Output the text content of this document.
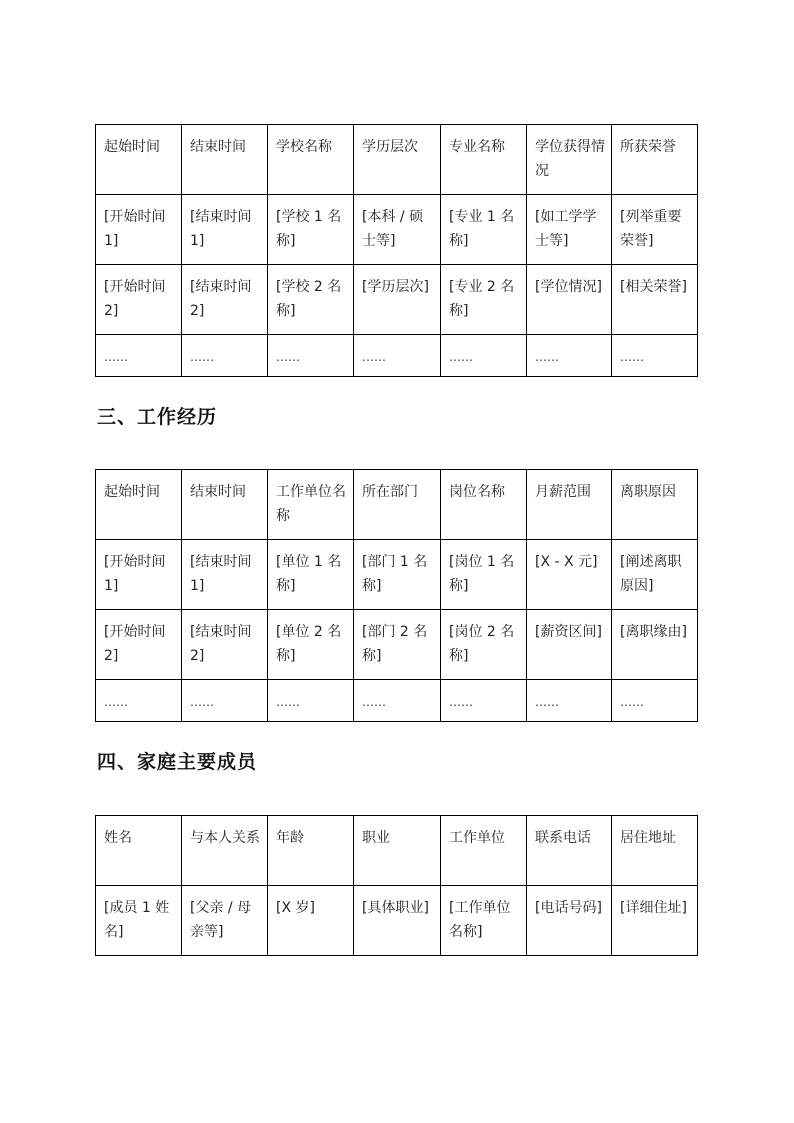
起始时间	结束时间	学校名称	学历层次	专业名称	学位获得情况	所获荣誉
[开始时间 1]	[结束时间 1]	[学校 1 名称]	[本科 / 硕士等]	[专业 1 名称]	[如工学学士等]	[列举重要荣誉]
[开始时间 2]	[结束时间 2]	[学校 2 名称]	[学历层次]	[专业 2 名称]	[学位情况]	[相关荣誉]
……	……	……	……	……	……	……
三、工作经历
起始时间	结束时间	工作单位名称	所在部门	岗位名称	月薪范围	离职原因
[开始时间 1]	[结束时间 1]	[单位 1 名称]	[部门 1 名称]	[岗位 1 名称]	[X - X 元]	[阐述离职原因]
[开始时间 2]	[结束时间 2]	[单位 2 名称]	[部门 2 名称]	[岗位 2 名称]	[薪资区间]	[离职缘由]
……	……	……	……	……	……	……
四、家庭主要成员
姓名	与本人关系	年龄	职业	工作单位	联系电话	居住地址
[成员 1 姓名]	[父亲 / 母亲等]	[X 岁]	[具体职业]	[工作单位名称]	[电话号码]	[详细住址]
